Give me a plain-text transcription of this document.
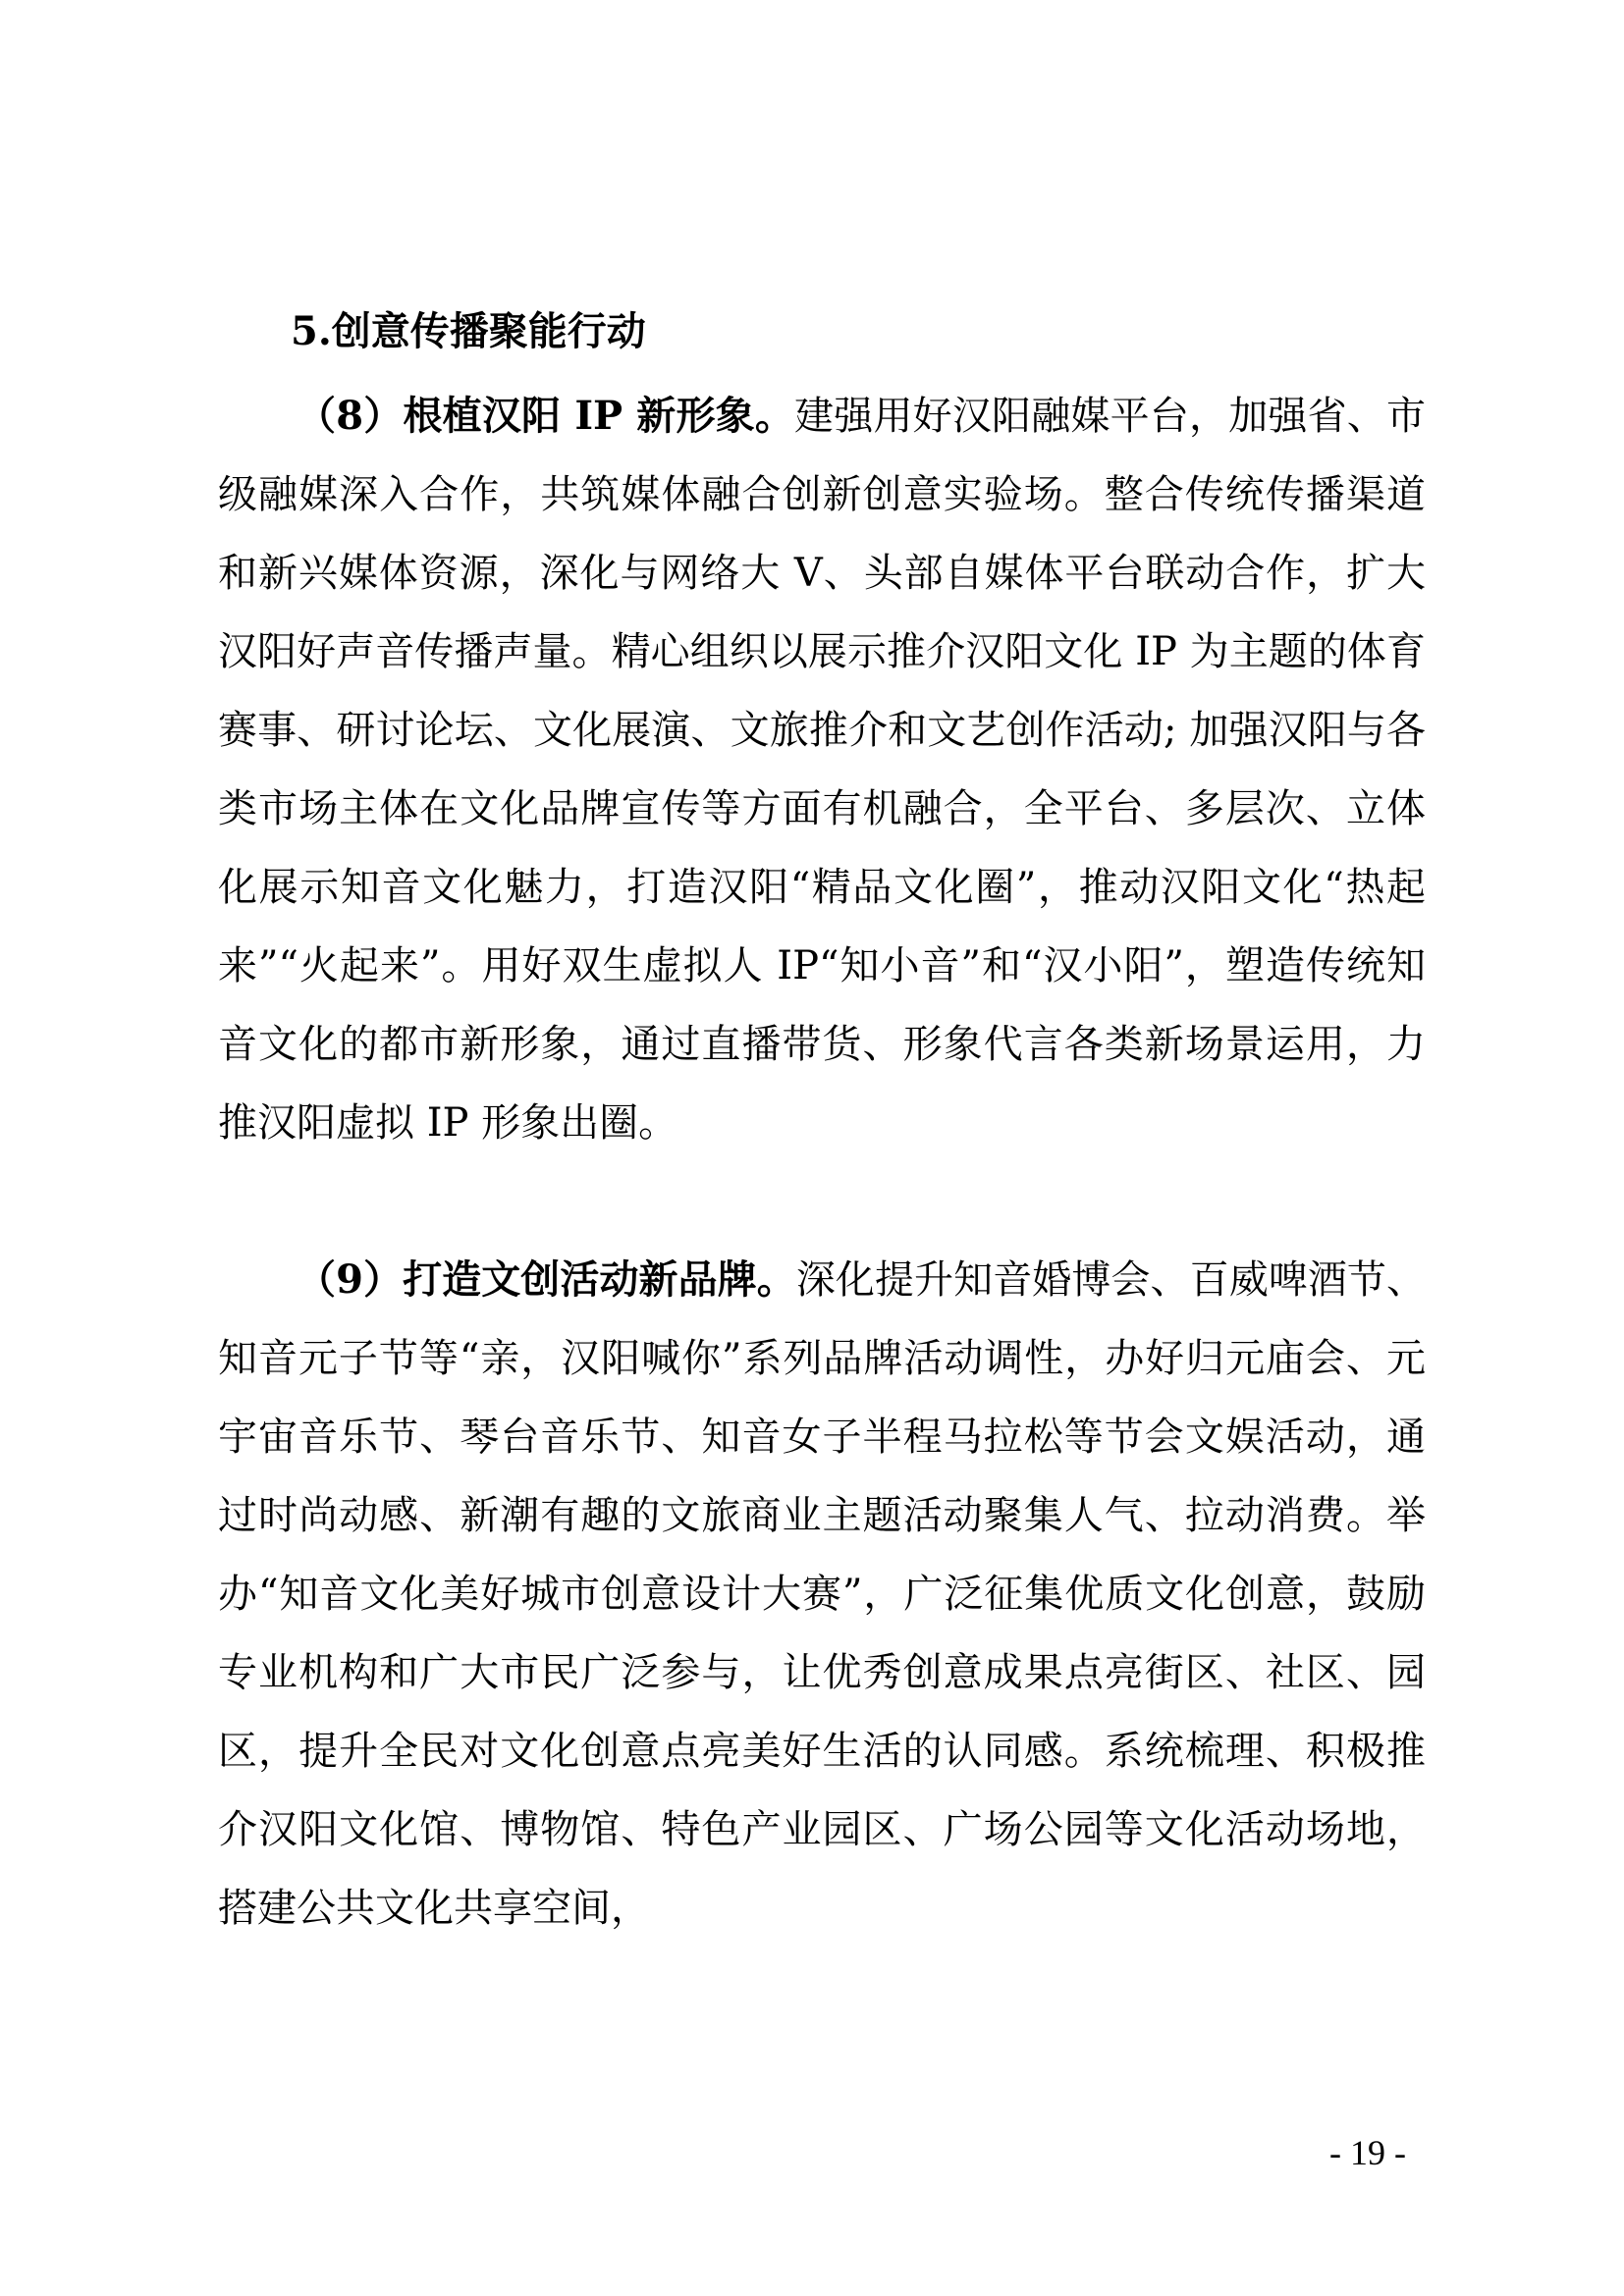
5.创意传播聚能行动

（8）根植汉阳 IP 新形象。建强用好汉阳融媒平台，加强省、市级融媒深入合作，共筑媒体融合创新创意实验场。整合传统传播渠道和新兴媒体资源，深化与网络大 V、头部自媒体平台联动合作，扩大汉阳好声音传播声量。精心组织以展示推介汉阳文化 IP 为主题的体育赛事、研讨论坛、文化展演、文旅推介和文艺创作活动; 加强汉阳与各类市场主体在文化品牌宣传等方面有机融合，全平台、多层次、立体化展示知音文化魅力，打造汉阳“精品文化圈”，推动汉阳文化“热起来”“火起来”。用好双生虚拟人 IP“知小音”和“汉小阳”，塑造传统知音文化的都市新形象，通过直播带货、形象代言各类新场景运用，力推汉阳虚拟 IP 形象出圈。

（9）打造文创活动新品牌。深化提升知音婚博会、百威啤酒节、知音元子节等“亲，汉阳喊你”系列品牌活动调性，办好归元庙会、元宇宙音乐节、琴台音乐节、知音女子半程马拉松等节会文娱活动，通过时尚动感、新潮有趣的文旅商业主题活动聚集人气、拉动消费。举办“知音文化美好城市创意设计大赛”，广泛征集优质文化创意，鼓励专业机构和广大市民广泛参与，让优秀创意成果点亮街区、社区、园区，提升全民对文化创意点亮美好生活的认同感。系统梳理、积极推介汉阳文化馆、博物馆、特色产业园区、广场公园等文化活动场地，搭建公共文化共享空间，

- 19 -
